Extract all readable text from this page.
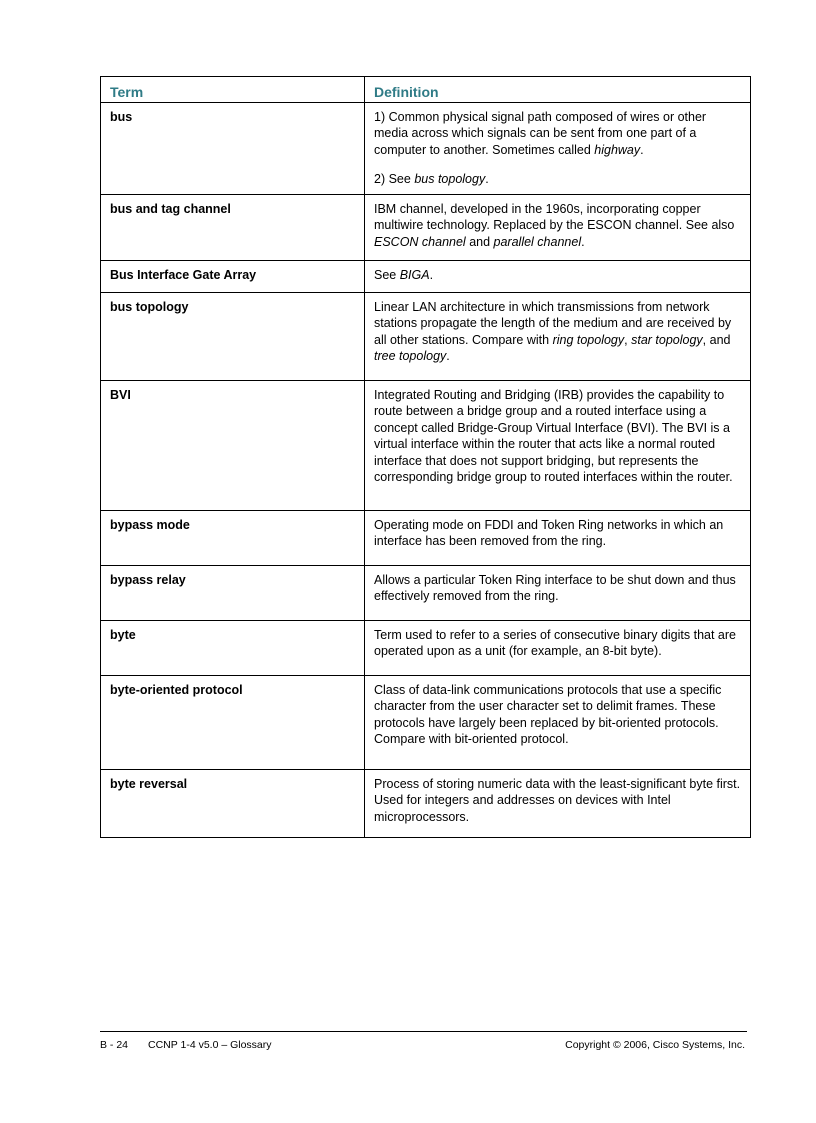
Term	Definition
bus	1) Common physical signal path composed of wires or other media across which signals can be sent from one part of a computer to another. Sometimes called highway.

2) See bus topology.

bus and tag channel	IBM channel, developed in the 1960s, incorporating copper multiwire technology. Replaced by the ESCON channel. See also ESCON channel and parallel channel.

Bus Interface Gate Array	See BIGA.

bus topology	Linear LAN architecture in which transmissions from network stations propagate the length of the medium and are received by all other stations. Compare with ring topology, star topology, and tree topology.

BVI	Integrated Routing and Bridging (IRB) provides the capability to route between a bridge group and a routed interface using a concept called Bridge-Group Virtual Interface (BVI). The BVI is a virtual interface within the router that acts like a normal routed interface that does not support bridging, but represents the corresponding bridge group to routed interfaces within the router.

bypass mode	Operating mode on FDDI and Token Ring networks in which an interface has been removed from the ring.

bypass relay	Allows a particular Token Ring interface to be shut down and thus effectively removed from the ring.

byte	Term used to refer to a series of consecutive binary digits that are operated upon as a unit (for example, an 8-bit byte).

byte-oriented protocol	Class of data-link communications protocols that use a specific character from the user character set to delimit frames. These protocols have largely been replaced by bit-oriented protocols. Compare with bit-oriented protocol.

byte reversal	Process of storing numeric data with the least-significant byte first. Used for integers and addresses on devices with Intel microprocessors.

B - 24 CCNP 1-4 v5.0 – Glossary	Copyright © 2006, Cisco Systems, Inc.
